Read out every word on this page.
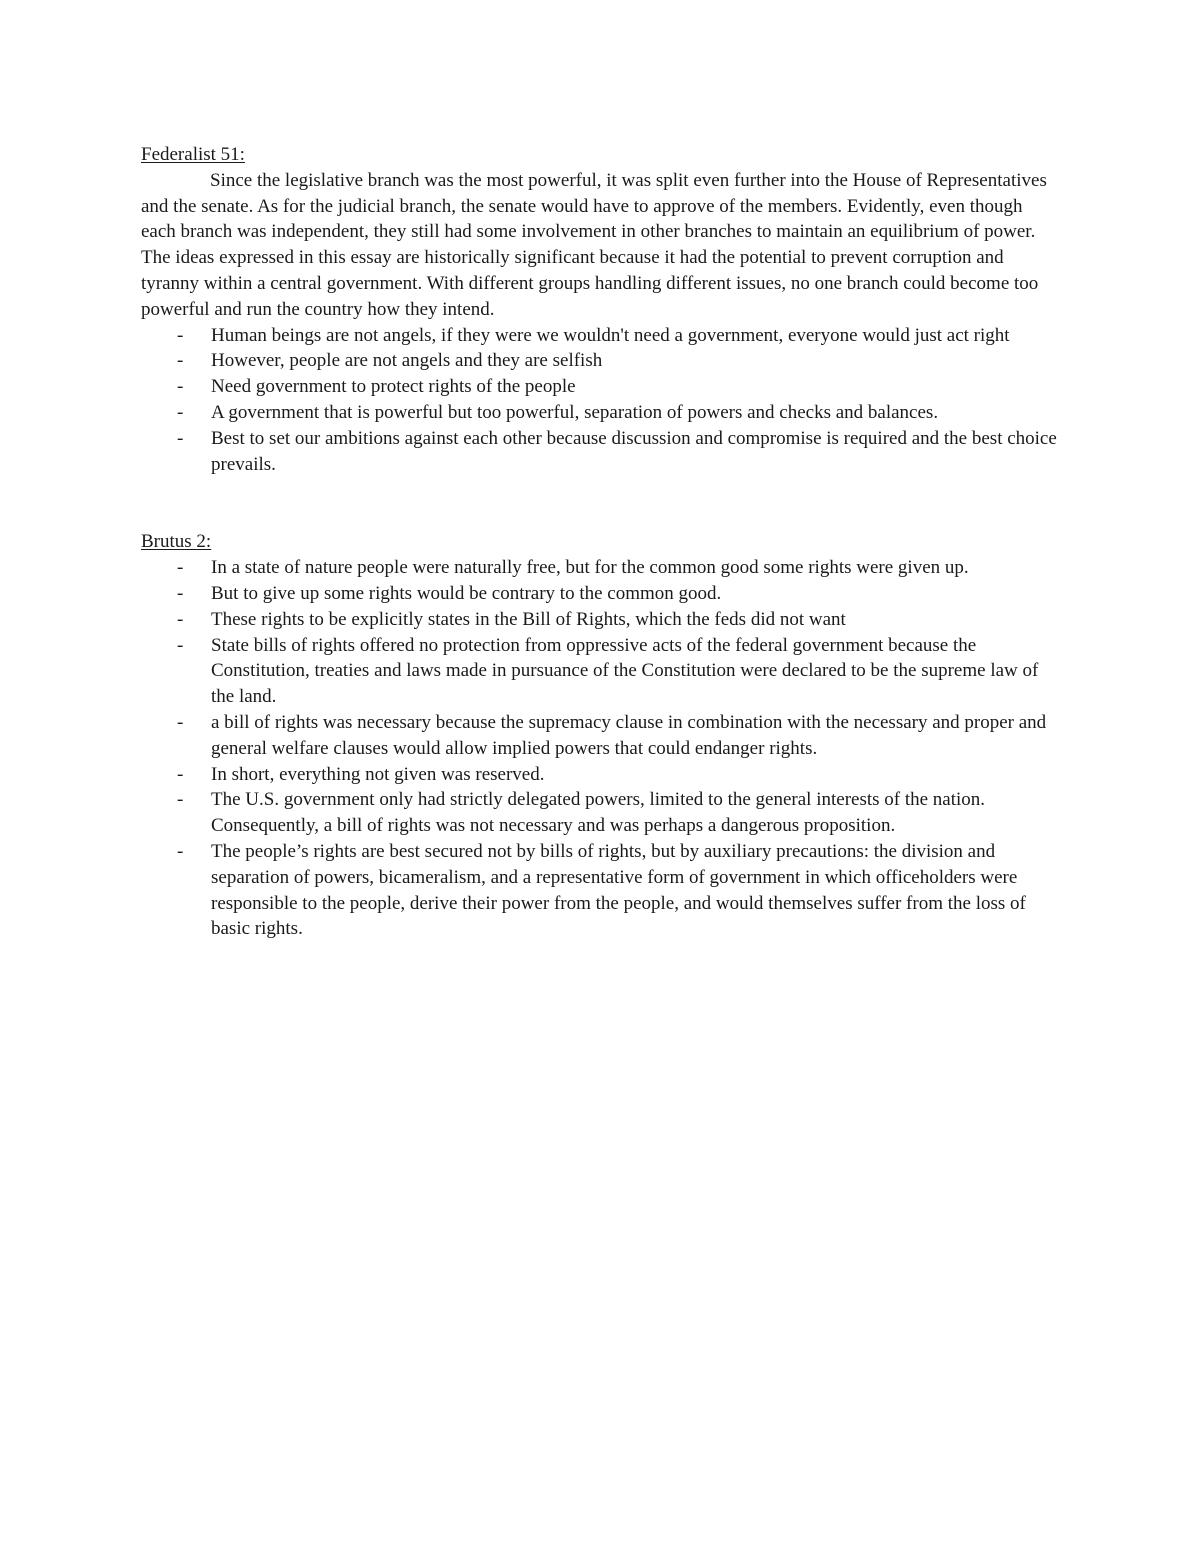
Federalist 51:

Since the legislative branch was the most powerful, it was split even further into the House of Representatives and the senate. As for the judicial branch, the senate would have to approve of the members. Evidently, even though each branch was independent, they still had some involvement in other branches to maintain an equilibrium of power. The ideas expressed in this essay are historically significant because it had the potential to prevent corruption and tyranny within a central government. With different groups handling different issues, no one branch could become too powerful and run the country how they intend.

- Human beings are not angels, if they were we wouldn't need a government, everyone would just act right
- However, people are not angels and they are selfish
- Need government to protect rights of the people
- A government that is powerful but too powerful, separation of powers and checks and balances.
- Best to set our ambitions against each other because discussion and compromise is required and the best choice prevails.
Brutus 2:
- In a state of nature people were naturally free, but for the common good some rights were given up.
- But to give up some rights would be contrary to the common good.
- These rights to be explicitly states in the Bill of Rights, which the feds did not want
- State bills of rights offered no protection from oppressive acts of the federal government because the Constitution, treaties and laws made in pursuance of the Constitution were declared to be the supreme law of the land.
- a bill of rights was necessary because the supremacy clause in combination with the necessary and proper and general welfare clauses would allow implied powers that could endanger rights.
- In short, everything not given was reserved.
- The U.S. government only had strictly delegated powers, limited to the general interests of the nation. Consequently, a bill of rights was not necessary and was perhaps a dangerous proposition.
- The people’s rights are best secured not by bills of rights, but by auxiliary precautions: the division and separation of powers, bicameralism, and a representative form of government in which officeholders were responsible to the people, derive their power from the people, and would themselves suffer from the loss of basic rights.
